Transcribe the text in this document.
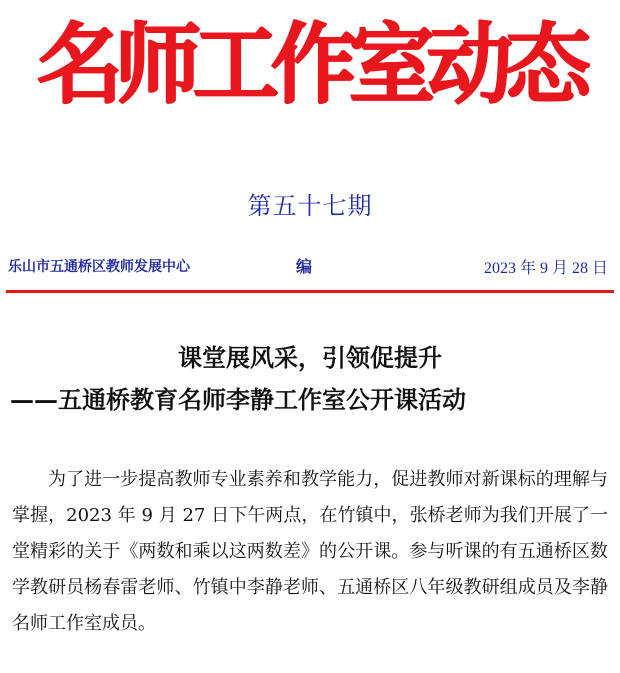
名师工作室动态
第五十七期
乐山市五通桥区教师发展中心	编	2023 年 9 月 28 日
课堂展风采，引领促提升
——五通桥教育名师李静工作室公开课活动
为了进一步提高教师专业素养和教学能力，促进教师对新课标的理解与掌握，2023 年 9 月 27 日下午两点，在竹镇中，张桥老师为我们开展了一堂精彩的关于《两数和乘以这两数差》的公开课。参与听课的有五通桥区数学教研员杨春雷老师、竹镇中李静老师、五通桥区八年级教研组成员及李静名师工作室成员。
